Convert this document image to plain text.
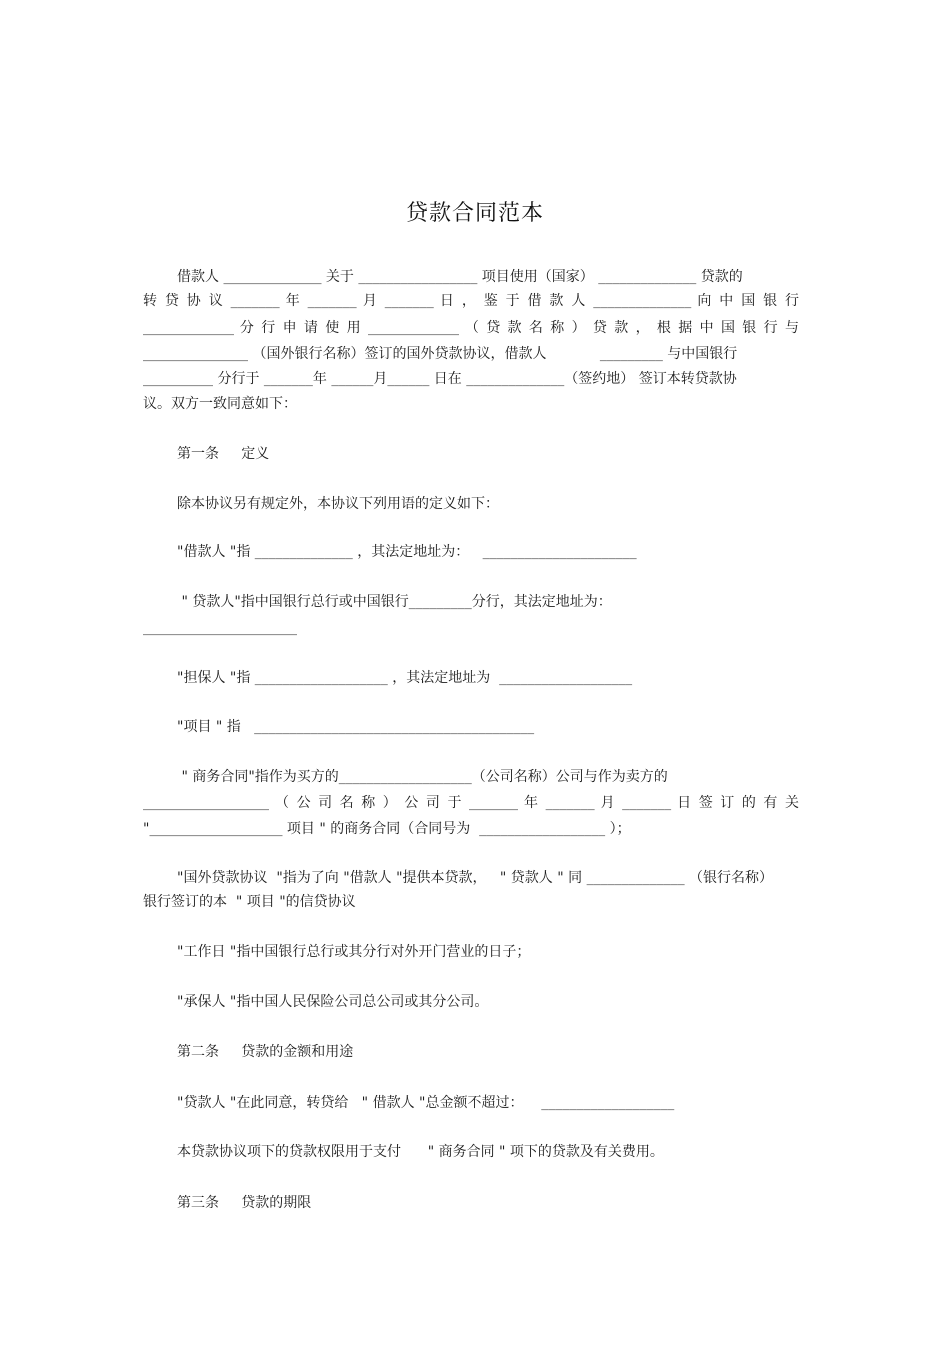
贷款合同范本
借款人 ______________ 关于 _________________ 项目使用（国家） ______________ 贷款的
转 贷 协 议 _______ 年 _______ 月 _______ 日 ， 鉴 于 借 款 人 ______________ 向 中 国 银 行
_____________ 分 行 申 请 使 用 _____________ （ 贷 款 名 称 ） 贷 款 ， 根 据 中 国 银 行 与
_______________ （国外银行名称）签订的国外贷款协议，借款人            _________ 与中国银行
__________ 分行于 _______年 ______月______ 日在 ______________（签约地） 签订本转贷款协
议。双方一致同意如下：
第一条     定义
除本协议另有规定外，本协议下列用语的定义如下：
"借款人 "指 ______________ ，其法定地址为：   ______________________
" 贷款人"指中国银行总行或中国银行_________分行，其法定地址为：
______________________
"担保人 "指 ___________________ ，其法定地址为  ___________________
"项目 " 指   ________________________________________
" 商务合同"指作为买方的___________________（公司名称）公司与作为卖方的
__________________ （ 公 司 名 称 ） 公 司 于 _______ 年 _______ 月 _______ 日 签 订 的 有 关
"___________________ 项目 " 的商务合同（合同号为  __________________ ）；
"国外贷款协议  "指为了向 "借款人 "提供本贷款，   " 贷款人 " 同 ______________ （银行名称）
银行签订的本  " 项目 "的信贷协议
"工作日 "指中国银行总行或其分行对外开门营业的日子；
"承保人 "指中国人民保险公司总公司或其分公司。
第二条     贷款的金额和用途
"贷款人 "在此同意，转贷给   " 借款人 "总金额不超过：    ___________________
本贷款协议项下的贷款权限用于支付      " 商务合同 " 项下的贷款及有关费用。
第三条     贷款的期限
